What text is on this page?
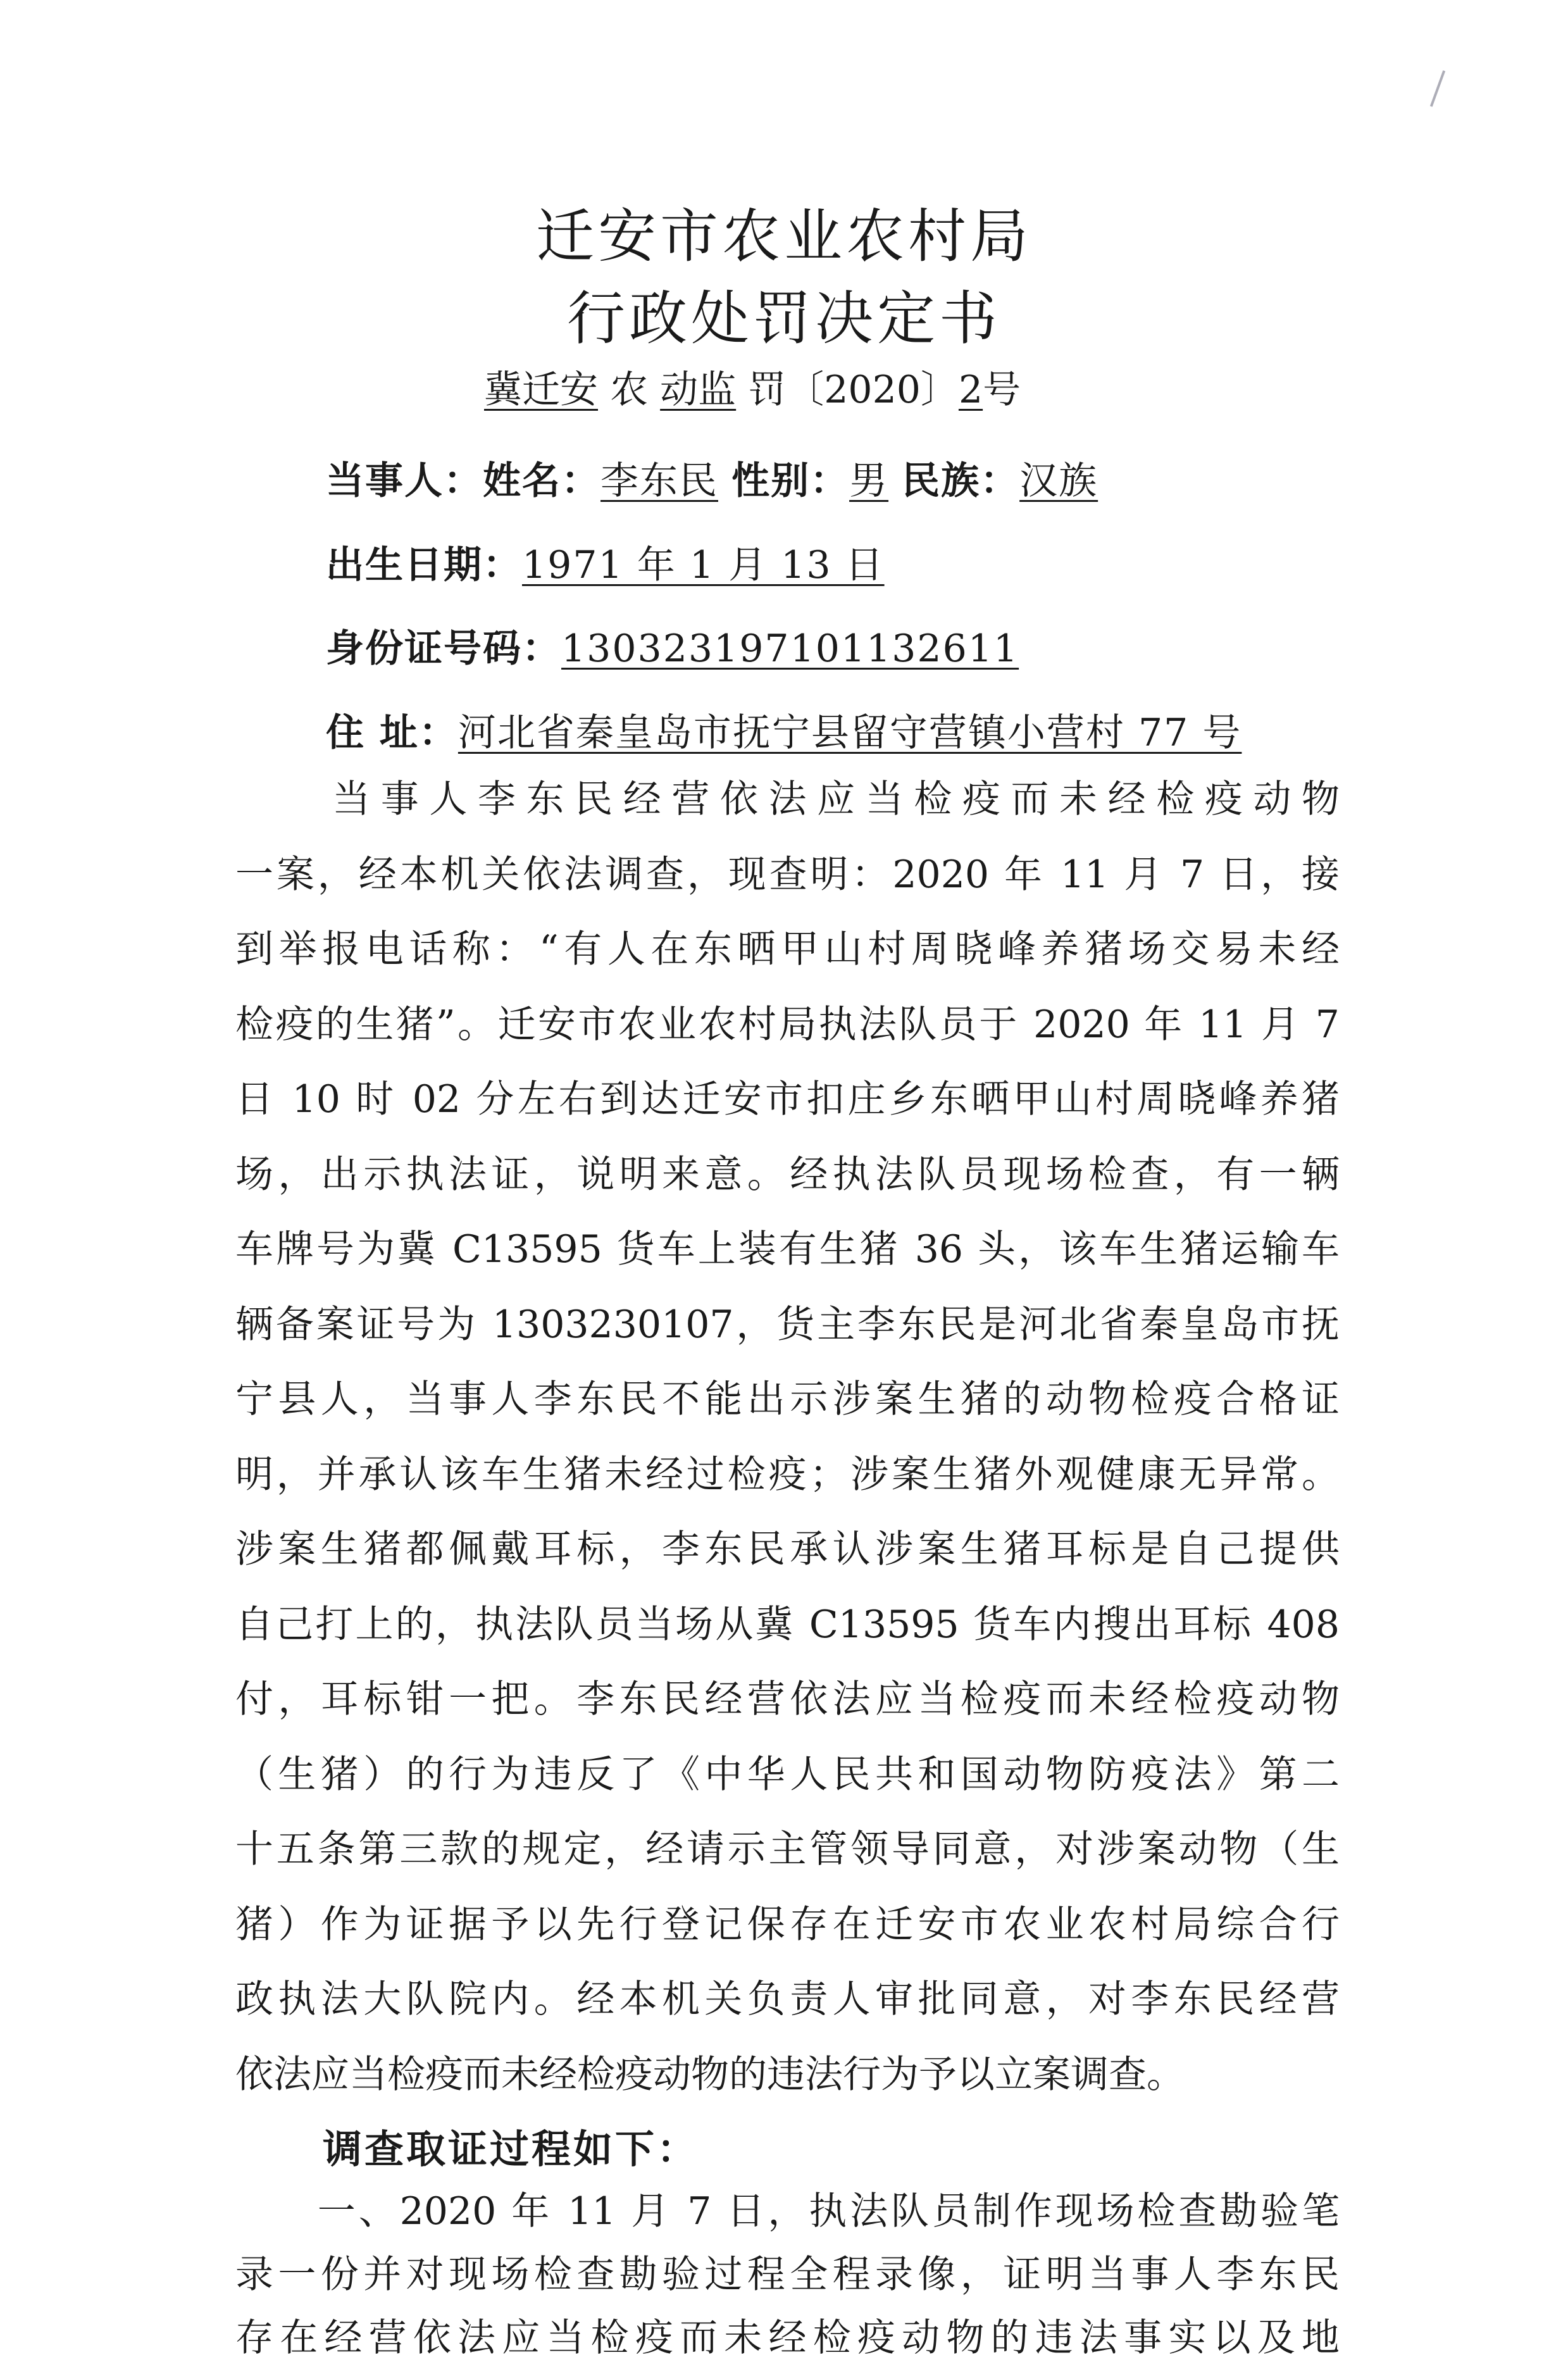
迁安市农业农村局
行政处罚决定书
冀迁安 农 动监 罚〔2020〕2号
当事人：姓名：李东民 性别：男 民族：汉族
出生日期：1971 年 1 月 13 日
身份证号码：130323197101132611
住 址：河北省秦皇岛市抚宁县留守营镇小营村 77 号
　　当事人李东民经营依法应当检疫而未经检疫动物
一案，经本机关依法调查，现查明：2020 年 11 月 7 日，接
到举报电话称：“有人在东晒甲山村周晓峰养猪场交易未经
检疫的生猪”。迁安市农业农村局执法队员于 2020 年 11 月 7
日 10 时 02 分左右到达迁安市扣庄乡东晒甲山村周晓峰养猪
场，出示执法证，说明来意。经执法队员现场检查，有一辆
车牌号为冀 C13595 货车上装有生猪 36 头，该车生猪运输车
辆备案证号为 1303230107，货主李东民是河北省秦皇岛市抚
宁县人，当事人李东民不能出示涉案生猪的动物检疫合格证
明，并承认该车生猪未经过检疫；涉案生猪外观健康无异常。
涉案生猪都佩戴耳标，李东民承认涉案生猪耳标是自己提供
自己打上的，执法队员当场从冀 C13595 货车内搜出耳标 408
付，耳标钳一把。李东民经营依法应当检疫而未经检疫动物
（生猪）的行为违反了《中华人民共和国动物防疫法》第二
十五条第三款的规定，经请示主管领导同意，对涉案动物（生
猪）作为证据予以先行登记保存在迁安市农业农村局综合行
政执法大队院内。经本机关负责人审批同意，对李东民经营
依法应当检疫而未经检疫动物的违法行为予以立案调查。
调查取证过程如下：
　　一、2020 年 11 月 7 日，执法队员制作现场检查勘验笔
录一份并对现场检查勘验过程全程录像，证明当事人李东民
存在经营依法应当检疫而未经检疫动物的违法事实以及地
